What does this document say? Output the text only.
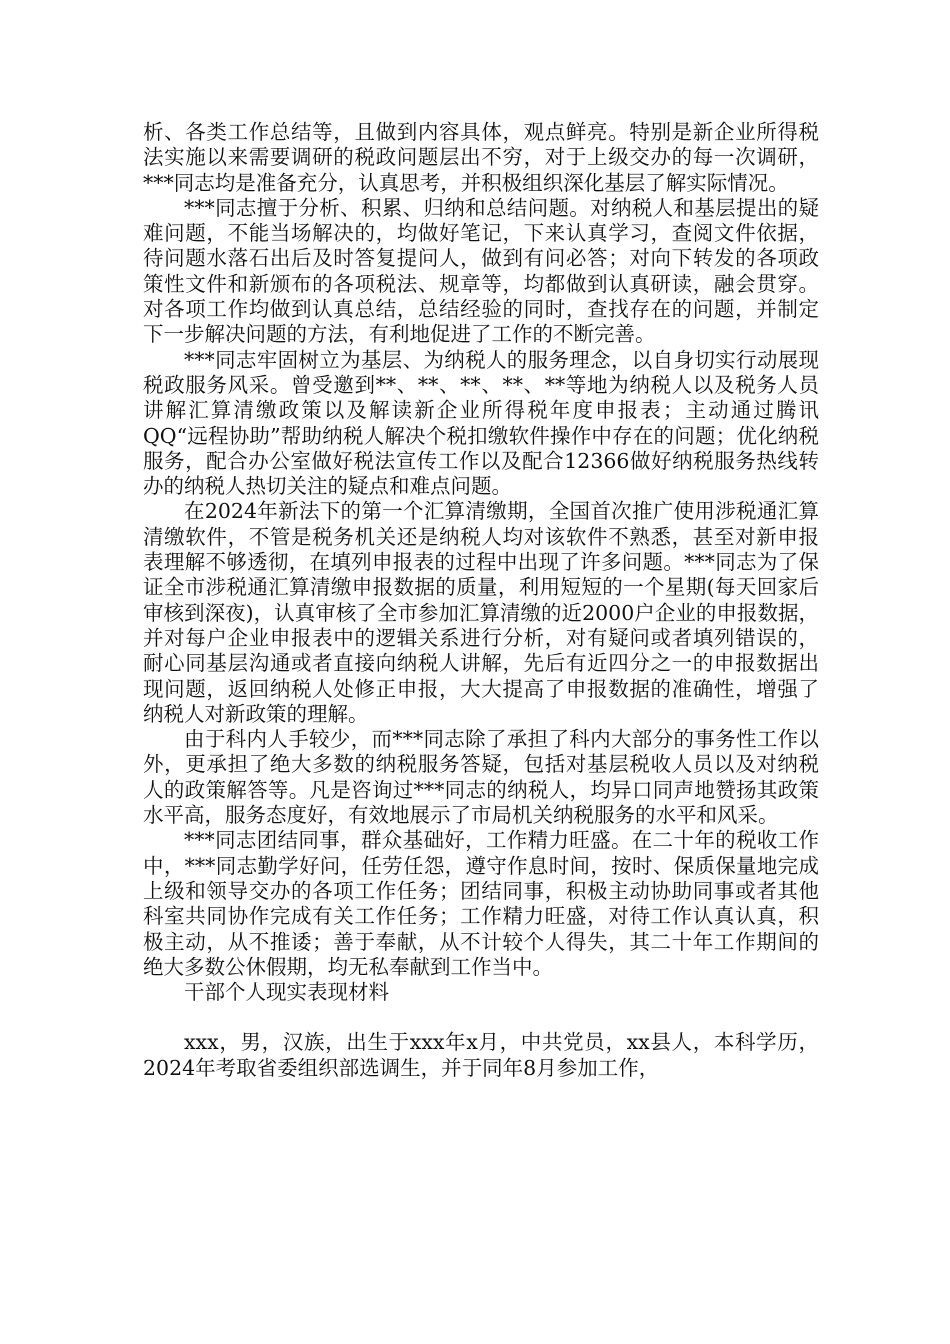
析、各类工作总结等，且做到内容具体，观点鲜亮。特别是新企业所得税法实施以来需要调研的税政问题层出不穷，对于上级交办的每一次调研，***同志均是准备充分，认真思考，并积极组织深化基层了解实际情况。

***同志擅于分析、积累、归纳和总结问题。对纳税人和基层提出的疑难问题，不能当场解决的，均做好笔记，下来认真学习，查阅文件依据，待问题水落石出后及时答复提问人，做到有问必答；对向下转发的各项政策性文件和新颁布的各项税法、规章等，均都做到认真研读，融会贯穿。对各项工作均做到认真总结，总结经验的同时，查找存在的问题，并制定下一步解决问题的方法，有利地促进了工作的不断完善。

***同志牢固树立为基层、为纳税人的服务理念，以自身切实行动展现税政服务风采。曾受邀到**、**、**、**、**等地为纳税人以及税务人员讲解汇算清缴政策以及解读新企业所得税年度申报表；主动通过腾讯QQ“远程协助”帮助纳税人解决个税扣缴软件操作中存在的问题；优化纳税服务，配合办公室做好税法宣传工作以及配合12366做好纳税服务热线转办的纳税人热切关注的疑点和难点问题。

在2024年新法下的第一个汇算清缴期，全国首次推广使用涉税通汇算清缴软件，不管是税务机关还是纳税人均对该软件不熟悉，甚至对新申报表理解不够透彻，在填列申报表的过程中出现了许多问题。***同志为了保证全市涉税通汇算清缴申报数据的质量，利用短短的一个星期(每天回家后审核到深夜)，认真审核了全市参加汇算清缴的近2000户企业的申报数据，并对每户企业申报表中的逻辑关系进行分析，对有疑问或者填列错误的，耐心同基层沟通或者直接向纳税人讲解，先后有近四分之一的申报数据出现问题，返回纳税人处修正申报，大大提高了申报数据的准确性，增强了纳税人对新政策的理解。

由于科内人手较少，而***同志除了承担了科内大部分的事务性工作以外，更承担了绝大多数的纳税服务答疑，包括对基层税收人员以及对纳税人的政策解答等。凡是咨询过***同志的纳税人，均异口同声地赞扬其政策水平高，服务态度好，有效地展示了市局机关纳税服务的水平和风采。

***同志团结同事，群众基础好，工作精力旺盛。在二十年的税收工作中，***同志勤学好问，任劳任怨，遵守作息时间，按时、保质保量地完成上级和领导交办的各项工作任务；团结同事，积极主动协助同事或者其他科室共同协作完成有关工作任务；工作精力旺盛，对待工作认真认真，积极主动，从不推诿；善于奉献，从不计较个人得失，其二十年工作期间的绝大多数公休假期，均无私奉献到工作当中。

干部个人现实表现材料

xxx，男，汉族，出生于xxx年x月，中共党员，xx县人，本科学历，2024年考取省委组织部选调生，并于同年8月参加工作，
